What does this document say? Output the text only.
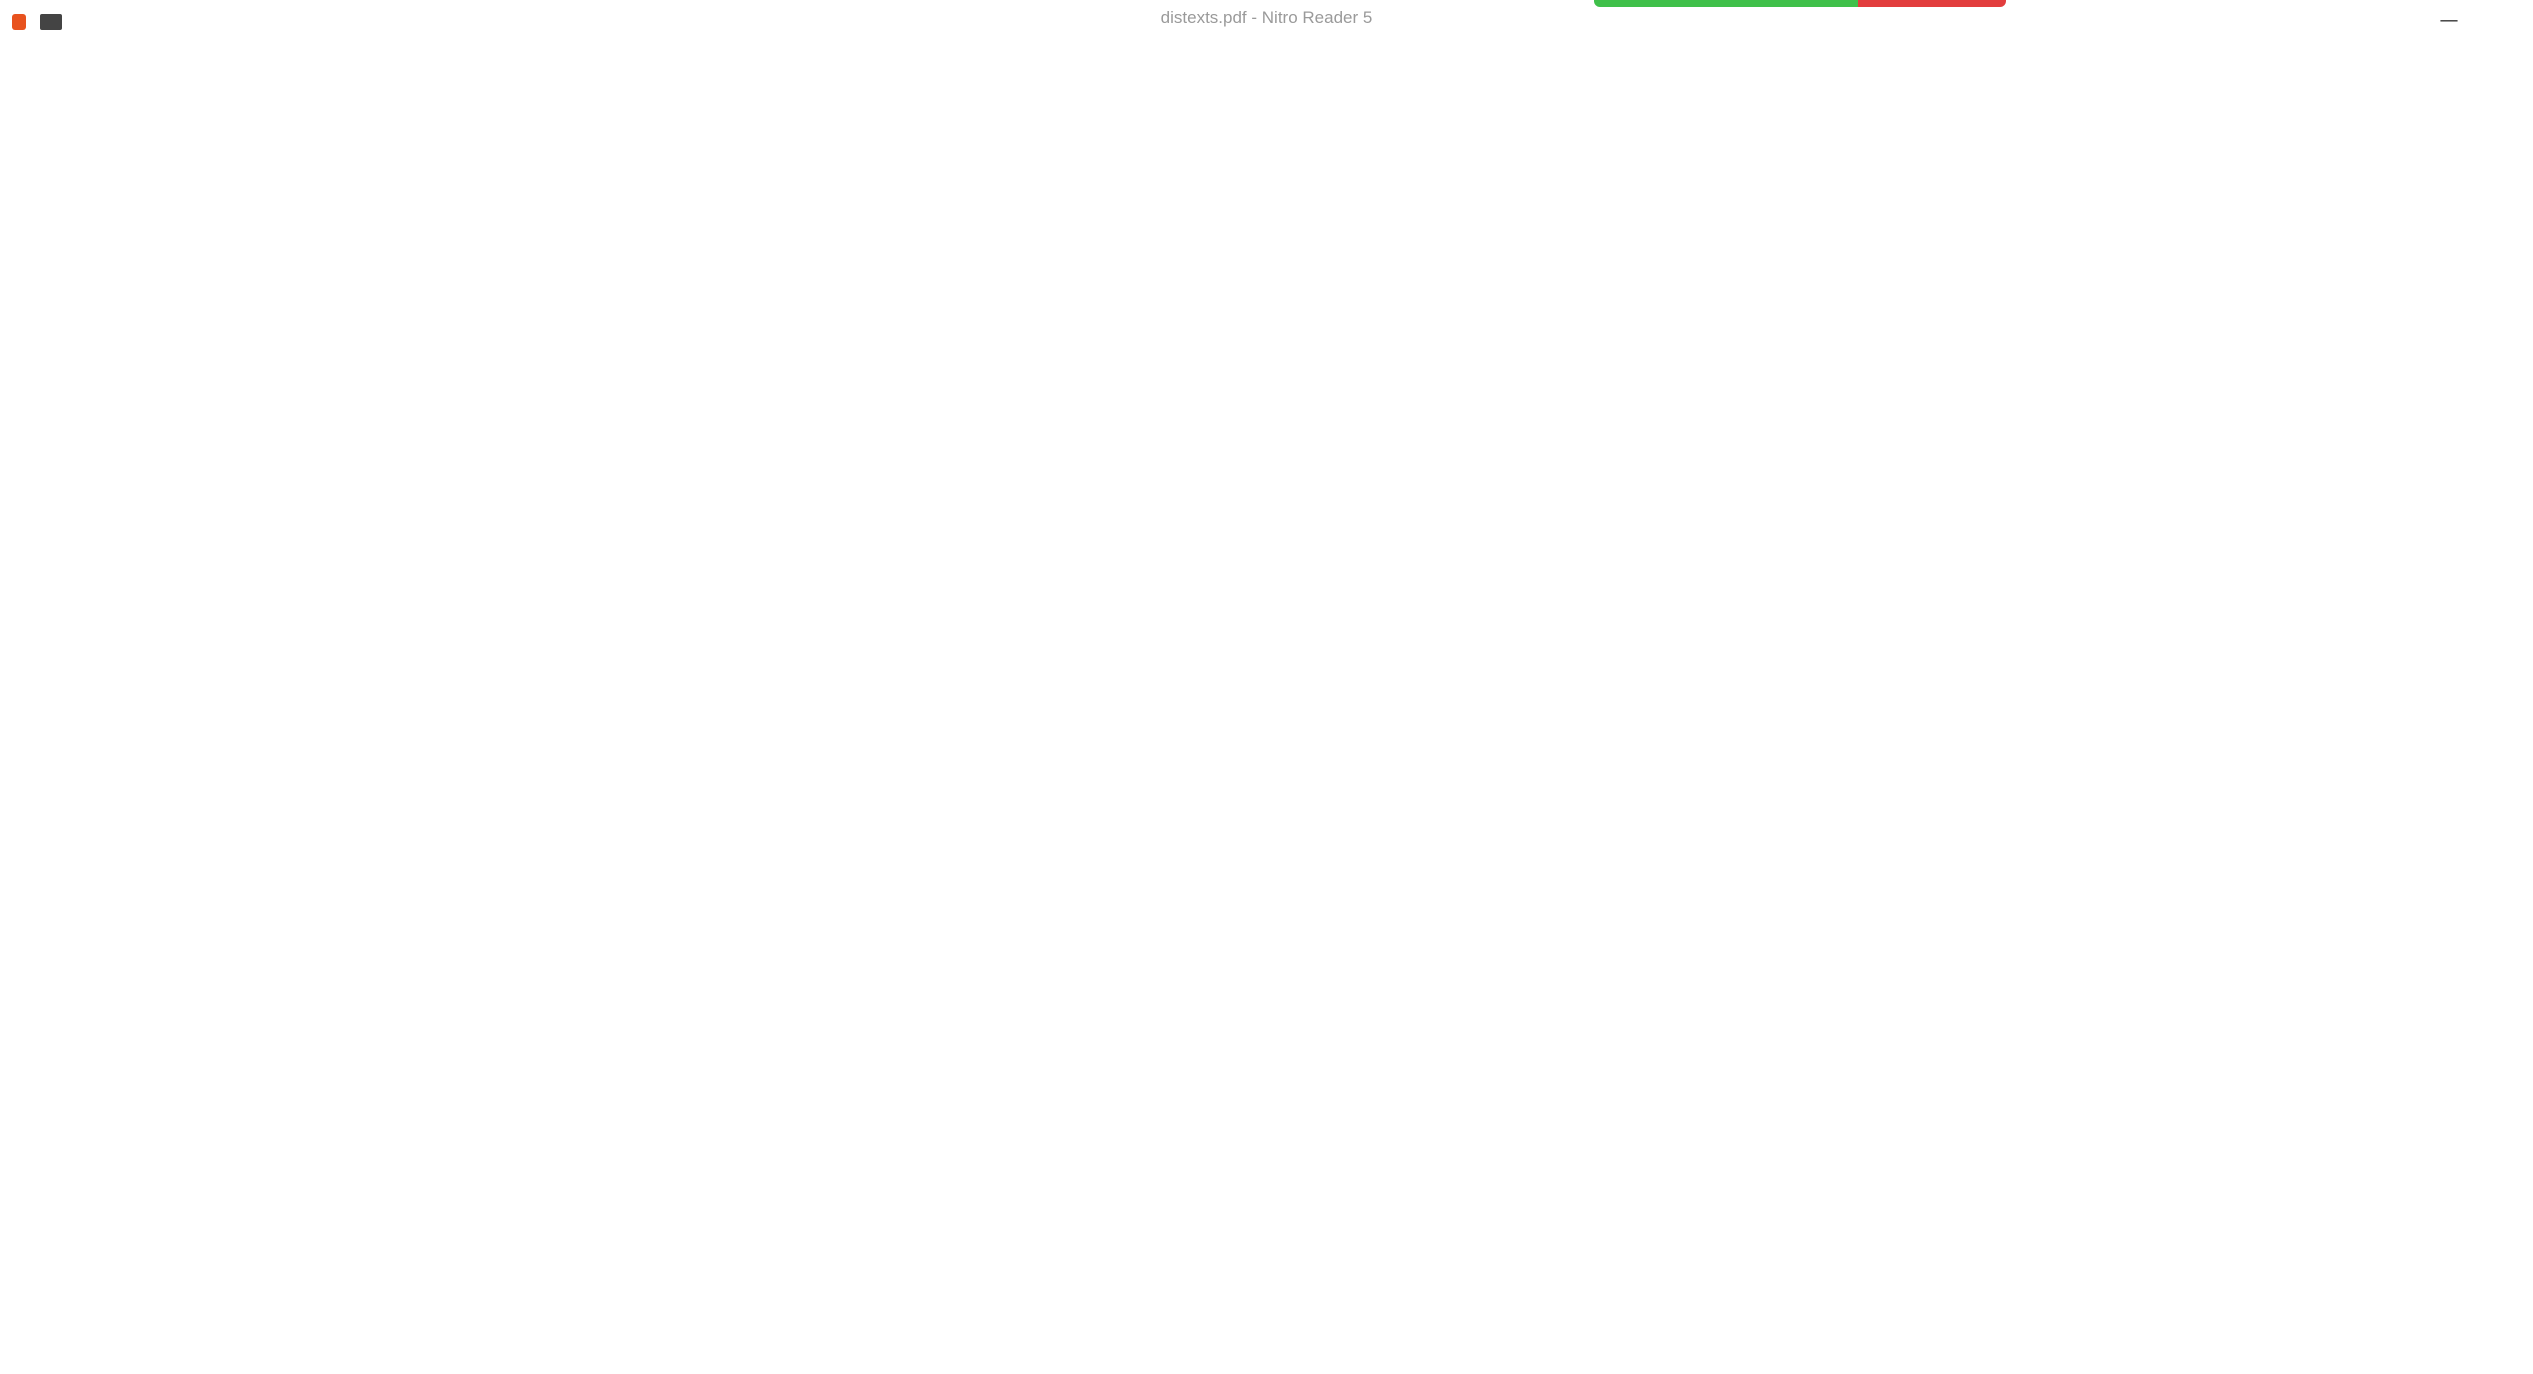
distexts.pdf - Nitro Reader 5	—
